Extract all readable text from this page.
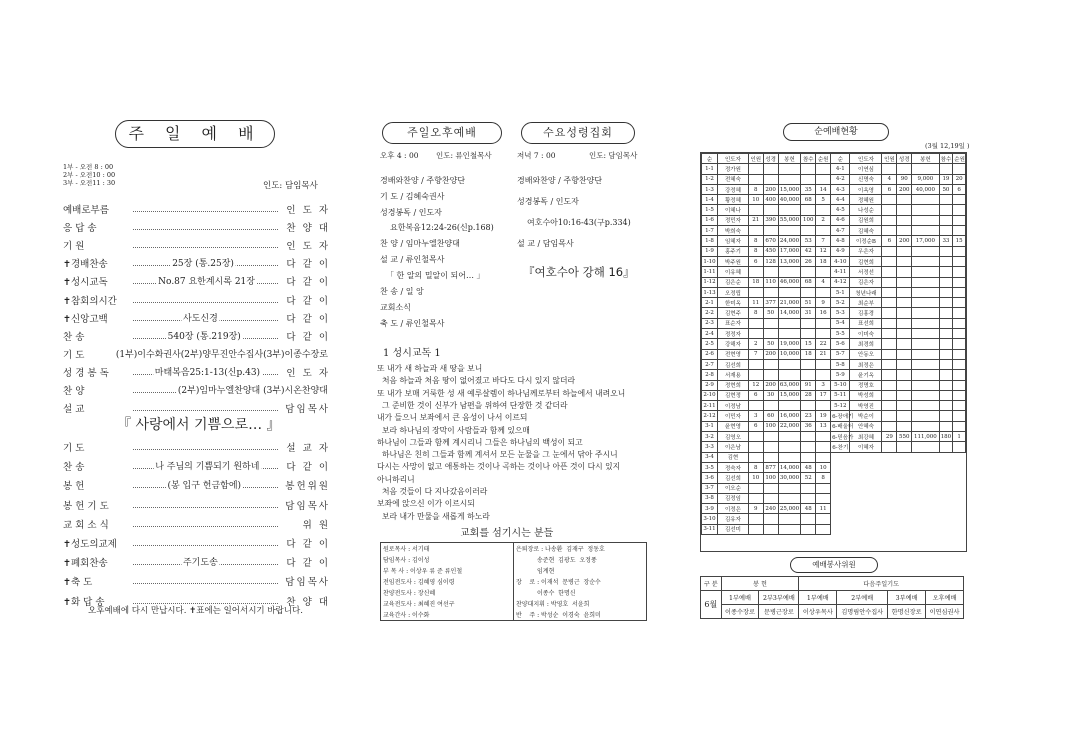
주 일 예 배
1부 - 오전 8 : 00
2부 - 오전10 : 00
3부 - 오전11 : 30	인도: 담임목사
예배로부름	인 도 자
응 답 송	찬 양 대
기 원	인 도 자
✝경배찬송	25장 (통.25장)	다 같 이
✝성시교독	No.87 요한계시록 21장	다 같 이
✝참회의시간	다 같 이
✝신앙고백	사도신경	다 같 이
찬 송	540장 (통.219장)	다 같 이
기 도	(1부)이수화권사(2부)양무진안수집사(3부)이종수장로
성 경 봉 독	마태복음25:1-13(신p.43)	인 도 자
찬 양	(2부)임마누엘찬양대 (3부)시온찬양대
설 교	담임목사
『 사랑에서 기쁨으로… 』
기 도	설 교 자
찬 송	나 주님의 기쁨되기 원하네	다 같 이
봉 헌	(봉 입구 헌금함에)	봉헌위원
봉 헌 기 도	담임목사
교 회 소 식	위 원
✝성도의교제	다 같 이
✝폐회찬송	주기도송	다 같 이
✝축 도	담임목사
✝화 답 송	찬 양 대
오후예배에 다시 만납시다. ✝표에는 일어서시기 바랍니다.
주일오후예배
오후 4 : 00 인도: 류인철목사
경배와찬양 / 주향찬양단
기 도 / 김혜숙권사
성경봉독 / 인도자
요한복음12:24-26(신p.168)
찬 양 / 임마누엘찬양대
설 교 / 류인철목사
「 한 알의 밀알이 되어… 」
찬 송 / 일 앙
교회소식
축 도 / 류인철목사
수요성령집회
저녁 7 : 00	인도: 담임목사
경배와찬양 / 주향찬양단
성경봉독 / 인도자
여호수아10:16-43(구p.334)
설 교 / 담임목사
『여호수아 강해 16』
1 성시교독 1
또 내가 새 하늘과 새 땅을 보니
처음 하늘과 처음 땅이 없어졌고 바다도 다시 있지 않더라
또 내가 보매 거룩한 성 새 예루살렘이 하나님께로부터 하늘에서 내려오니
그 준비한 것이 신부가 남편을 위하여 단장한 것 같더라
내가 들으니 보좌에서 큰 음성이 나서 이르되
보라 하나님의 장막이 사람들과 함께 있으매
하나님이 그들과 함께 계시리니 그들은 하나님의 백성이 되고
하나님은 친히 그들과 함께 계셔서 모든 눈물을 그 눈에서 닦아 주시니
다시는 사망이 없고 애통하는 것이나 곡하는 것이나 아픈 것이 다시 있지
아니하리니
처음 것들이 다 지나갔음이러라
보좌에 앉으신 이가 이르시되
보라 내가 만물을 새롭게 하노라
교회를 섬기시는 분들
원로목사 : 서기태	은퇴장로 : 나송환  김재구  정동호
담임목사 : 김이성	송준현  김광도  오정풍
부 목 사 : 이상우 류 준 류인철	임계현
전임전도사 : 김혜영 심이령	장    로 : 이재석  문병근  장순수
찬양전도사 : 장신혜	이종수  한명신
교육전도사 : 최혜진 여선구	찬양대지휘 : 박영호  서윤희
교육간사 : 이수화	반    주 : 박성순  이경숙  윤희미
순예배현황
(3월 12,19일 )
순	인도자	인원	성경	봉헌	참수	순원	순	인도자	인원	성경	봉헌	참수	순원
1-1	정가원						4-1	이연심					
1-2	전혜숙						4-2	신명숙	4	90	9,000	19	20
1-3	강정혜	8	200	15,000	35	14	4-3	이옥영	6	200	40,000	50	6
1-4	황정혜	10	400	40,000	68	5	4-4	정혜원					
1-5	이혜나						4-5	나성순					
1-6	정민자	21	390	55,000	100	2	4-6	김원희					
1-7	박희숙						4-7	김혜숙					
1-8	임혜자	8	670	24,000	53	7	4-8	이정순B	6	200	17,000	33	15
1-9	홍주기	8	450	17,000	42	12	4-9	우은자					
1-10	박주원	6	128	13,000	26	18	4-10	김현희					
1-11	이유혜						4-11	서정선					
1-12	김은순	18	110	46,000	68	4	4-12	김은자					
1-13	오정립						5-1	청년나래					
2-1	한미옥	11	377	21,000	51	9	5-2	최순부					
2-2	김현주	8	50	14,000	31	16	5-3	김홍경					
2-3	표순자						5-4	표선희					
2-4	정정자						5-5	이미숙					
2-5	강해자	2	50	19,000	15	22	5-6	최경희					
2-6	전현영	7	200	10,000	18	21	5-7	안동오					
2-7	김선희						5-8	최정은					
2-8	서재용						5-9	윤기옥					
2-9	정현희	12	200	63,000	91	3	5-10	정명호					
2-10	김현정	6	30	15,000	28	17	5-11	박성희					
2-11	이정남						5-12	박영진					
2-12	이민자	3	60	16,000	23	19	6-장애기	박순이					
3-1	윤현영	6	100	22,000	36	13	6-배울터	안혜숙					
3-2	김영오						6-믿음가	최강혜	29	550	111,000	180	1
3-3	이은남						6-찬기	이혜자					
3-4	김현												
3-5	정숙자	8	877	14,000	48	10							
3-6	김선희	10	100	30,000	52	8							
3-7	이오순												
3-8	김정임												
3-9	이정은	9	240	25,000	48	11							
3-10	김유자												
3-11	김선미												
예배봉사위원
구 분	봉 헌		다음주일기도			
6월	1부예배	2부3부예배	1부예배	2부예배	3부예배	오후예배
	이종수장로	문병근장로	이상우목사	김명림안수집사	한명신장로	이연심권사
